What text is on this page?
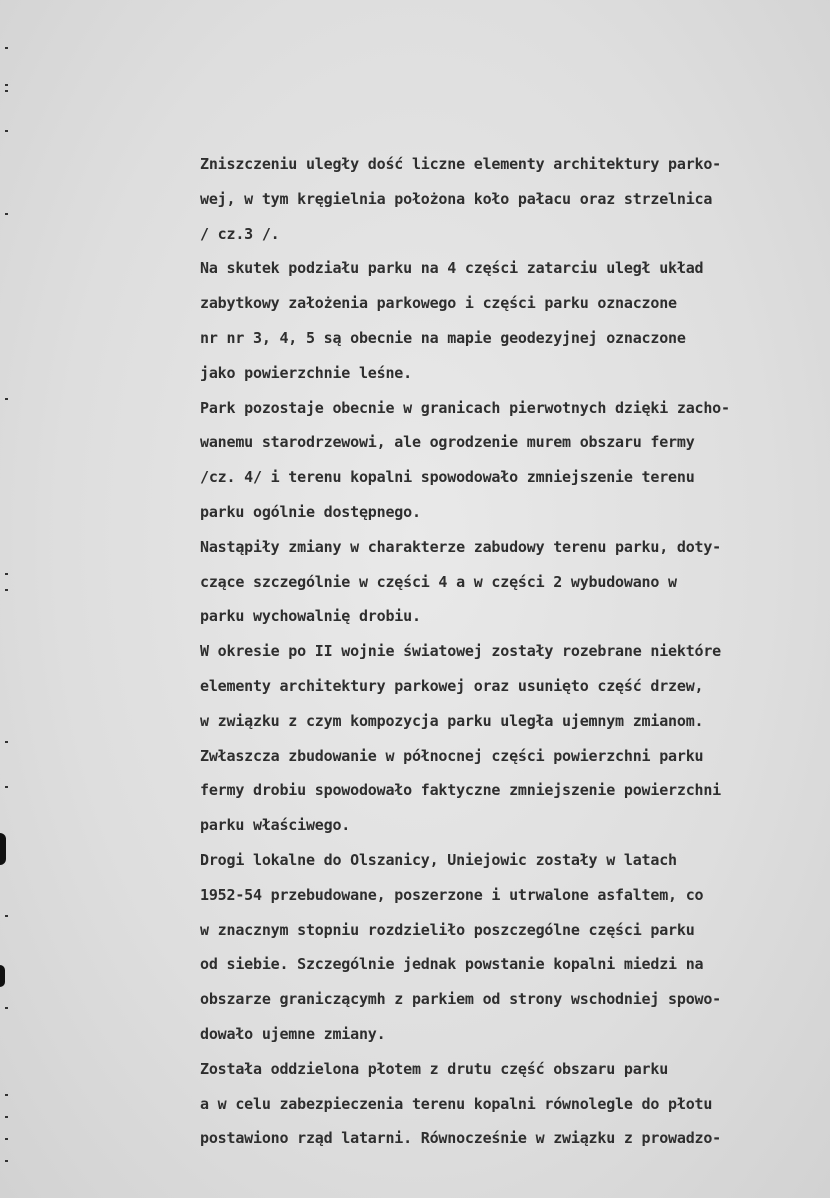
Zniszczeniu uległy dość liczne elementy architektury parko-
wej, w tym kręgielnia położona koło pałacu oraz strzelnica
/ cz.3 /.
Na skutek podziału parku na 4 części zatarciu uległ układ
zabytkowy założenia parkowego i części parku oznaczone
nr nr 3, 4, 5 są obecnie na mapie geodezyjnej oznaczone
jako powierzchnie leśne.
Park pozostaje obecnie w granicach pierwotnych dzięki zacho-
wanemu starodrzewowi, ale ogrodzenie murem obszaru fermy
/cz. 4/ i terenu kopalni spowodowało zmniejszenie terenu
parku ogólnie dostępnego.
Nastąpiły zmiany w charakterze zabudowy terenu parku, doty-
czące szczególnie w części 4 a w części 2 wybudowano w
parku wychowalnię drobiu.
W okresie po II wojnie światowej zostały rozebrane niektóre
elementy architektury parkowej oraz usunięto część drzew,
w związku z czym kompozycja parku uległa ujemnym zmianom.
Zwłaszcza zbudowanie w północnej części powierzchni parku
fermy drobiu spowodowało faktyczne zmniejszenie powierzchni
parku właściwego.
Drogi lokalne do Olszanicy, Uniejowic zostały w latach
1952-54 przebudowane, poszerzone i utrwalone asfaltem, co
w znacznym stopniu rozdzieliło poszczególne części parku
od siebie. Szczególnie jednak powstanie kopalni miedzi na
obszarze graniczącymh z parkiem od strony wschodniej spowo-
dowało ujemne zmiany.
Została oddzielona płotem z drutu część obszaru parku
a w celu zabezpieczenia terenu kopalni równolegle do płotu
postawiono rząd latarni. Równocześnie w związku z prowadzo-
